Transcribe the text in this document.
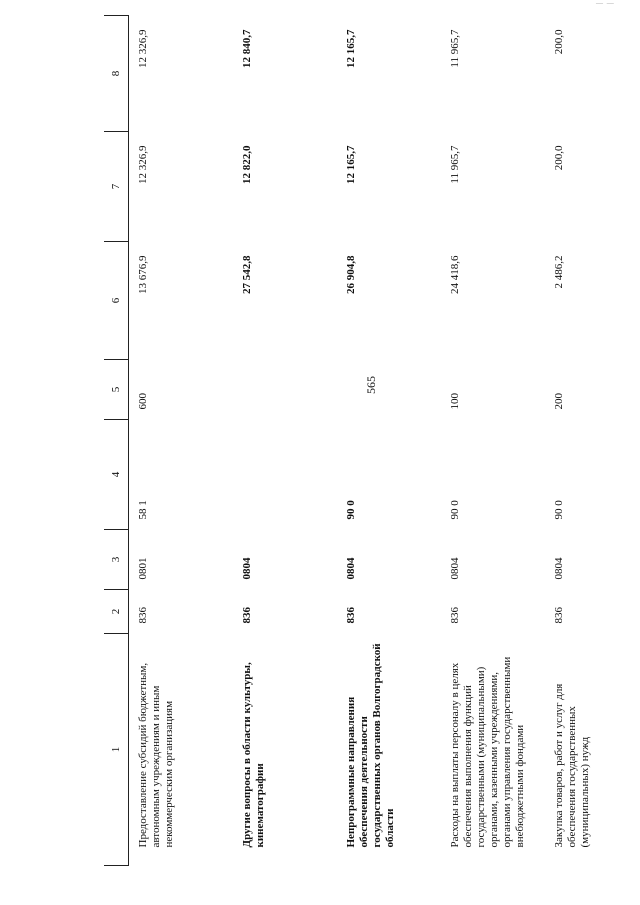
565
— —
1	2	3	4	5	6	7	8
Предоставление субсидий бюджетным, автономным учреждениям и иным некоммерческим организациям	836	0801	58 1	600	13 676,9	12 326,9	12 326,9
Другие вопросы в области культуры, кинематографии	836	0804			27 542,8	12 822,0	12 840,7
Непрограммные направления обеспечения деятельности государственных органов Волгоградской области	836	0804	90 0		26 904,8	12 165,7	12 165,7
Расходы на выплаты персоналу в целях обеспечения выполнения функций государственными (муниципальными) органами, казенными учреждениями, органами управления государственными внебюджетными фондами	836	0804	90 0	100	24 418,6	11 965,7	11 965,7
Закупка товаров, работ и услуг для обеспечения государственных (муниципальных) нужд	836	0804	90 0	200	2 486,2	200,0	200,0
